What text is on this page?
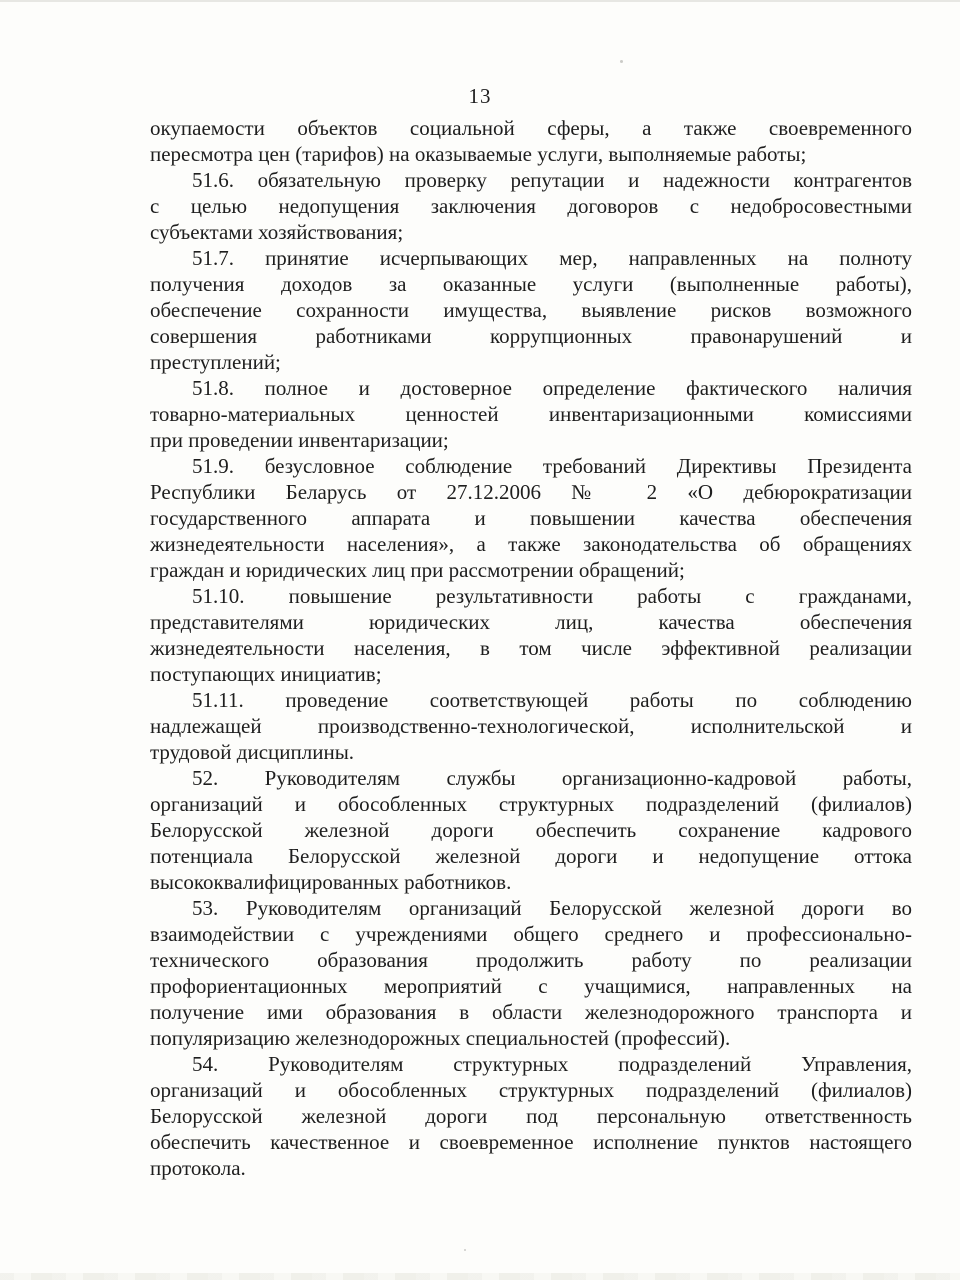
13
окупаемости объектов социальной сферы, а также своевременного
пересмотра цен (тарифов) на оказываемые услуги, выполняемые работы;
51.6. обязательную проверку репутации и надежности контрагентов
с целью недопущения заключения договоров с недобросовестными
субъектами хозяйствования;
51.7. принятие исчерпывающих мер, направленных на полноту
получения доходов за оказанные услуги (выполненные работы),
обеспечение сохранности имущества, выявление рисков возможного
совершения работниками коррупционных правонарушений и
преступлений;
51.8. полное и достоверное определение фактического наличия
товарно-материальных ценностей инвентаризационными комиссиями
при проведении инвентаризации;
51.9. безусловное соблюдение требований Директивы Президента
Республики Беларусь от 27.12.2006 № 2 «О дебюрократизации
государственного аппарата и повышении качества обеспечения
жизнедеятельности населения», а также законодательства об обращениях
граждан и юридических лиц при рассмотрении обращений;
51.10. повышение результативности работы с гражданами,
представителями юридических лиц, качества обеспечения
жизнедеятельности населения, в том числе эффективной реализации
поступающих инициатив;
51.11. проведение соответствующей работы по соблюдению
надлежащей производственно-технологической, исполнительской и
трудовой дисциплины.
52. Руководителям службы организационно-кадровой работы,
организаций и обособленных структурных подразделений (филиалов)
Белорусской железной дороги обеспечить сохранение кадрового
потенциала Белорусской железной дороги и недопущение оттока
высококвалифицированных работников.
53. Руководителям организаций Белорусской железной дороги во
взаимодействии с учреждениями общего среднего и профессионально-
технического образования продолжить работу по реализации
профориентационных мероприятий с учащимися, направленных на
получение ими образования в области железнодорожного транспорта и
популяризацию железнодорожных специальностей (профессий).
54. Руководителям структурных подразделений Управления,
организаций и обособленных структурных подразделений (филиалов)
Белорусской железной дороги под персональную ответственность
обеспечить качественное и своевременное исполнение пунктов настоящего
протокола.
